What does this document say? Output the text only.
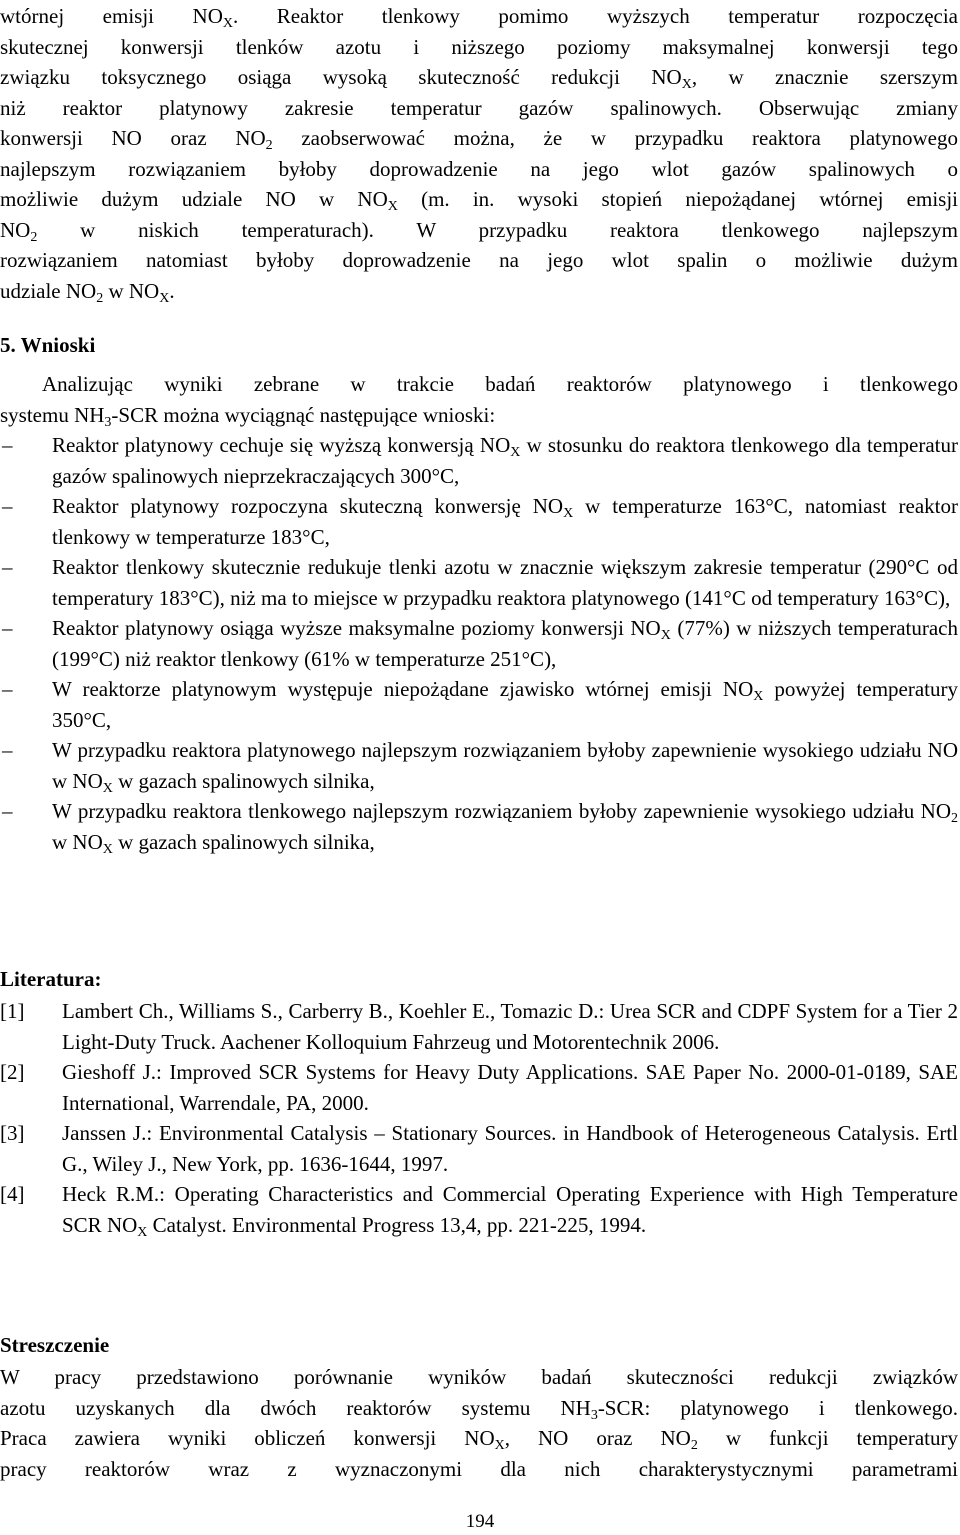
wtórnej emisji $NO_X$. Reaktor tlenkowy pomimo wyższych temperatur rozpoczęcia

skutecznej konwersji tlenków azotu i niższego poziomy maksymalnej konwersji tego

związku toksycznego osiąga wysoką skuteczność redukcji $NO_X$, w znacznie szerszym

niż reaktor platynowy zakresie temperatur gazów spalinowych. Obserwując zmiany

konwersji NO oraz $NO_2$ zaobserwować można, że w przypadku reaktora platynowego

najlepszym rozwiązaniem byłoby doprowadzenie na jego wlot gazów spalinowych o

możliwie dużym udziale NO w $NO_X$ (m. in. wysoki stopień niepożądanej wtórnej emisji

$NO_2$ w niskich temperaturach). W przypadku reaktora tlenkowego najlepszym

rozwiązaniem natomiast byłoby doprowadzenie na jego wlot spalin o możliwie dużym

udziale $NO_2$ w $NO_X$.

5. Wnioski

Analizując wyniki zebrane w trakcie badań reaktorów platynowego i tlenkowego

systemu $NH_3$-SCR można wyciągnąć następujące wnioski:

– Reaktor platynowy cechuje się wyższą konwersją $NO_X$ w stosunku do reaktora tlenkowego dla temperatur gazów spalinowych nieprzekraczających 300°C,
– Reaktor platynowy rozpoczyna skuteczną konwersję $NO_X$ w temperaturze 163°C, natomiast reaktor tlenkowy w temperaturze 183°C,
– Reaktor tlenkowy skutecznie redukuje tlenki azotu w znacznie większym zakresie temperatur (290°C od temperatury 183°C), niż ma to miejsce w przypadku reaktora platynowego (141°C od temperatury 163°C),
– Reaktor platynowy osiąga wyższe maksymalne poziomy konwersji $NO_X$ (77%) w niższych temperaturach (199°C) niż reaktor tlenkowy (61% w temperaturze 251°C),
– W reaktorze platynowym występuje niepożądane zjawisko wtórnej emisji $NO_X$ powyżej temperatury 350°C,
– W przypadku reaktora platynowego najlepszym rozwiązaniem byłoby zapewnienie wysokiego udziału NO w $NO_X$ w gazach spalinowych silnika,
– W przypadku reaktora tlenkowego najlepszym rozwiązaniem byłoby zapewnienie wysokiego udziału $NO_2$ w $NO_X$ w gazach spalinowych silnika,

Literatura:

[1] Lambert Ch., Williams S., Carberry B., Koehler E., Tomazic D.: Urea SCR and CDPF System for a Tier 2 Light-Duty Truck. Aachener Kolloquium Fahrzeug und Motorentechnik 2006.
[2] Gieshoff J.: Improved SCR Systems for Heavy Duty Applications. SAE Paper No. 2000-01-0189, SAE International, Warrendale, PA, 2000.
[3] Janssen J.: Environmental Catalysis – Stationary Sources. in Handbook of Heterogeneous Catalysis. Ertl G., Wiley J., New York, pp. 1636-1644, 1997.
[4] Heck R.M.: Operating Characteristics and Commercial Operating Experience with High Temperature SCR $NO_X$ Catalyst. Environmental Progress 13,4, pp. 221-225, 1994.

Streszczenie

W pracy przedstawiono porównanie wyników badań skuteczności redukcji związków

azotu uzyskanych dla dwóch reaktorów systemu $NH_3$-SCR: platynowego i tlenkowego.

Praca zawiera wyniki obliczeń konwersji $NO_X$, NO oraz $NO_2$ w funkcji temperatury

pracy reaktorów wraz z wyznaczonymi dla nich charakterystycznymi parametrami

194
